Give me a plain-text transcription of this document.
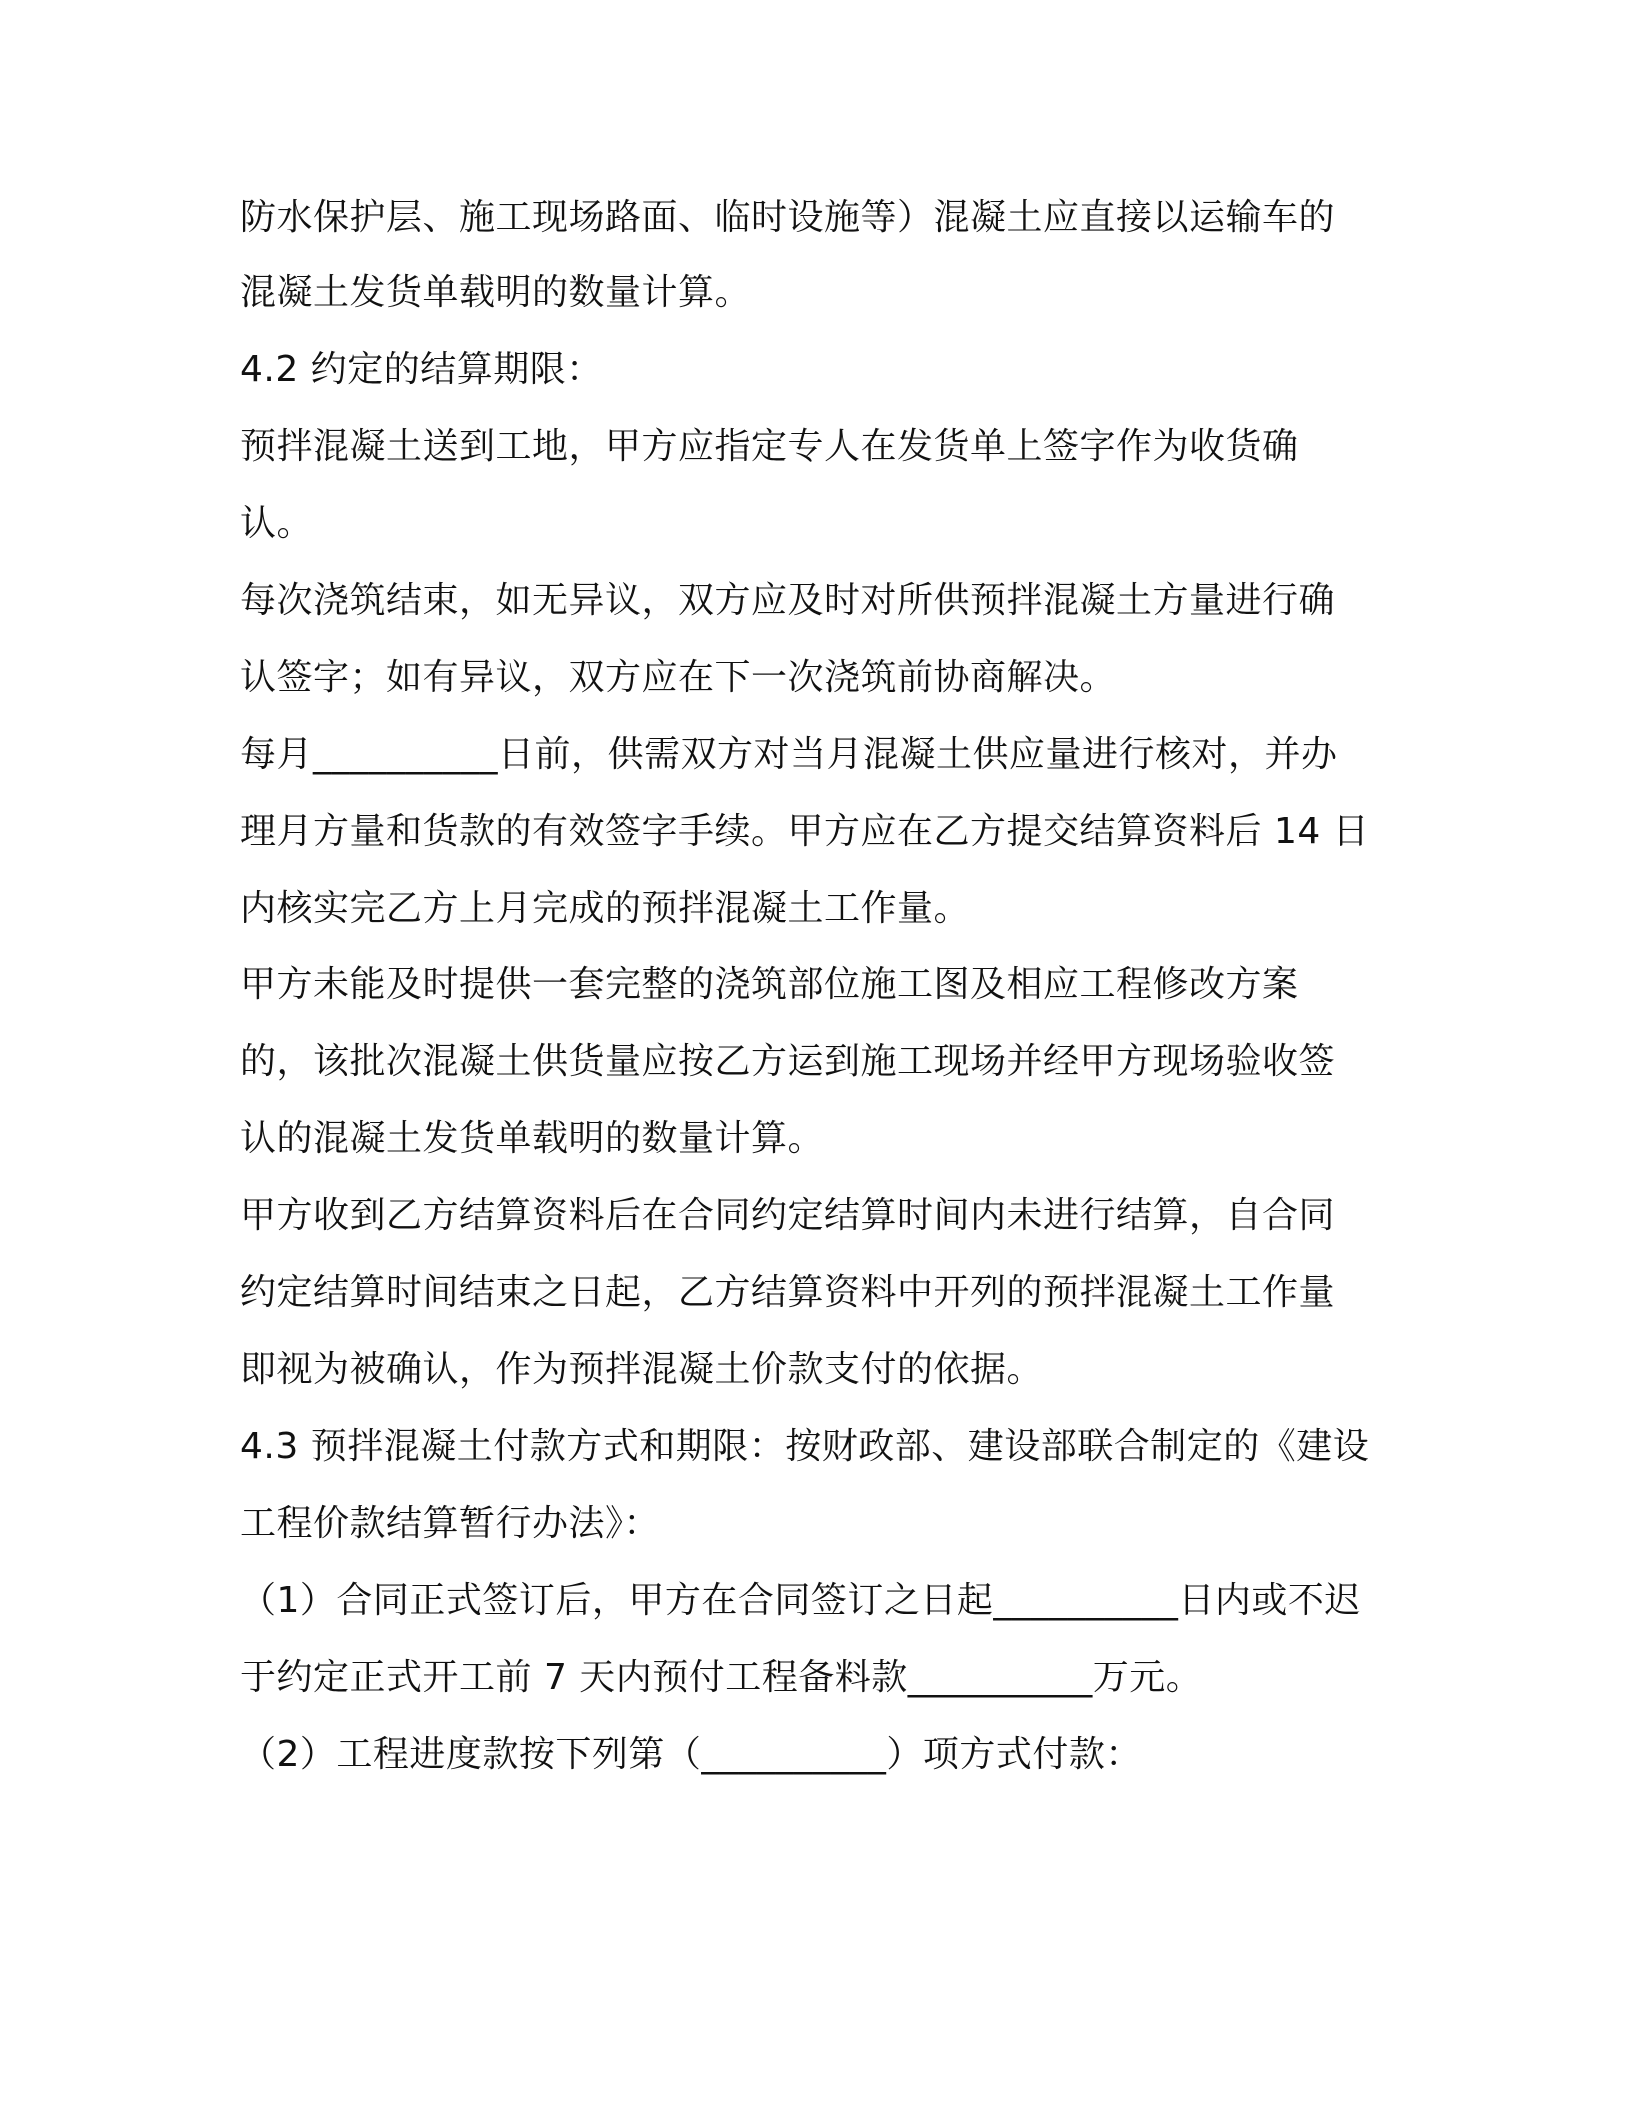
防水保护层、施工现场路面、临时设施等）混凝土应直接以运输车的

混凝土发货单载明的数量计算。

4.2 约定的结算期限：

预拌混凝土送到工地，甲方应指定专人在发货单上签字作为收货确

认。

每次浇筑结束，如无异议，双方应及时对所供预拌混凝土方量进行确

认签字；如有异议，双方应在下一次浇筑前协商解决。

每月__________日前，供需双方对当月混凝土供应量进行核对，并办

理月方量和货款的有效签字手续。甲方应在乙方提交结算资料后 14 日

内核实完乙方上月完成的预拌混凝土工作量。

甲方未能及时提供一套完整的浇筑部位施工图及相应工程修改方案

的，该批次混凝土供货量应按乙方运到施工现场并经甲方现场验收签

认的混凝土发货单载明的数量计算。

甲方收到乙方结算资料后在合同约定结算时间内未进行结算，自合同

约定结算时间结束之日起，乙方结算资料中开列的预拌混凝土工作量

即视为被确认，作为预拌混凝土价款支付的依据。

4.3 预拌混凝土付款方式和期限：按财政部、建设部联合制定的《建设

工程价款结算暂行办法》：

（1）合同正式签订后，甲方在合同签订之日起__________日内或不迟

于约定正式开工前 7 天内预付工程备料款__________万元。

（2）工程进度款按下列第（__________）项方式付款：
